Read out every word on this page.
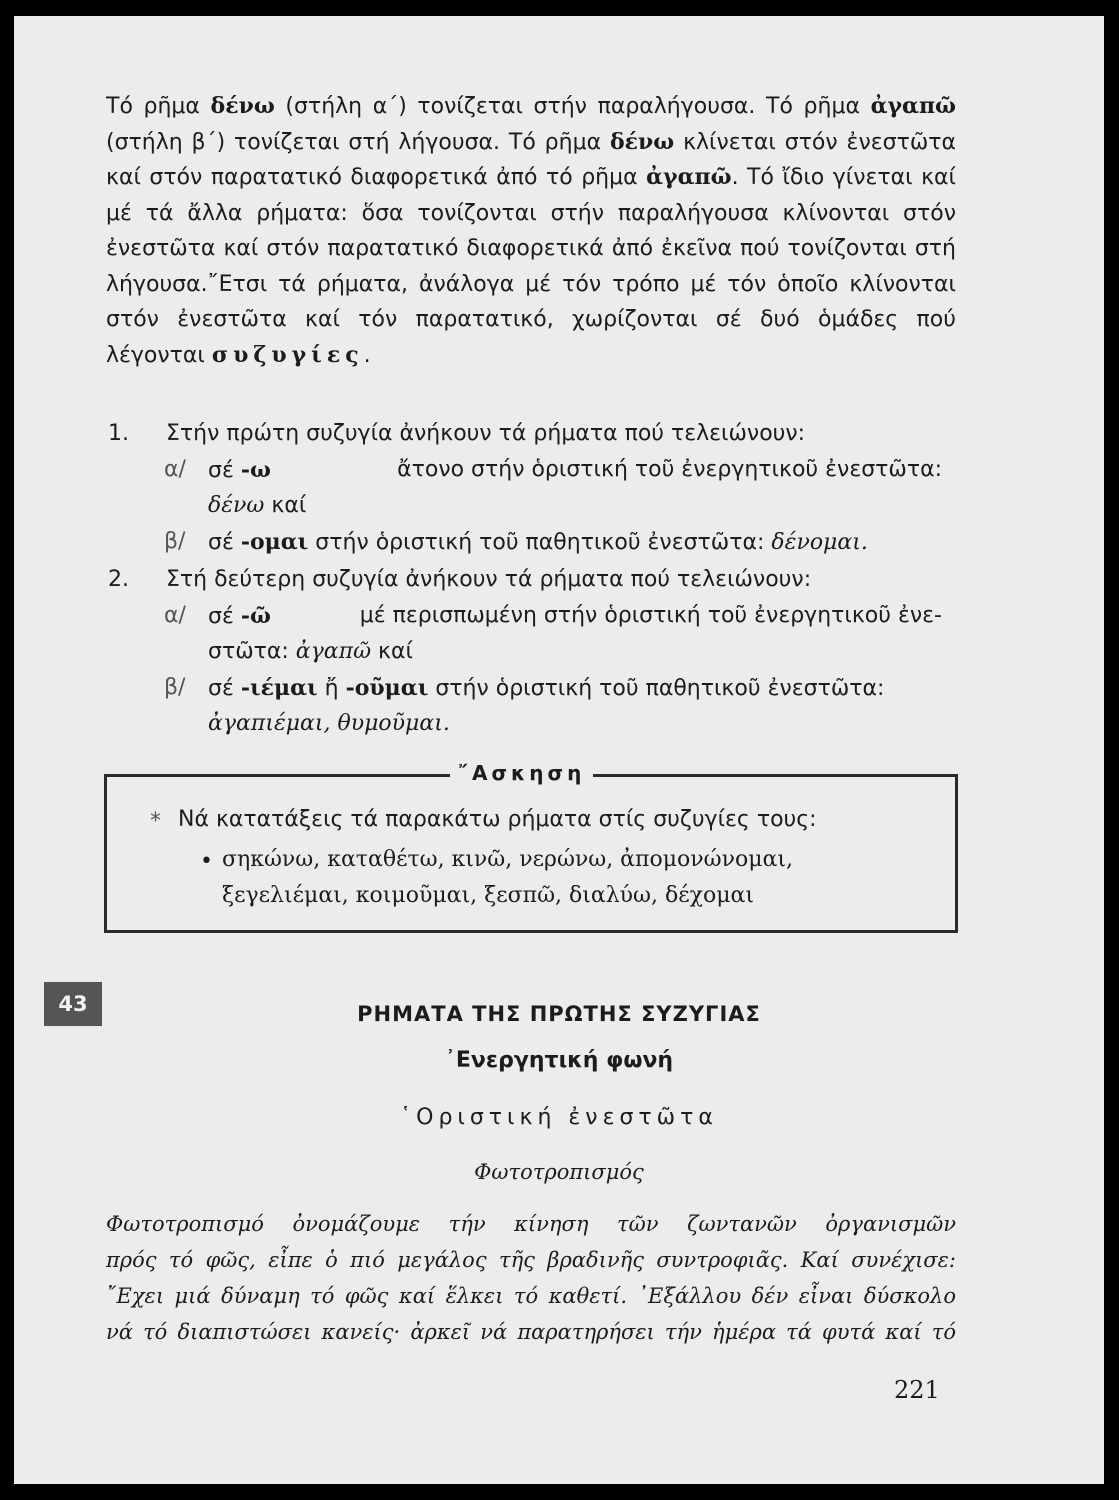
Τό ρῆμα δένω (στήλη α΄) τονίζεται στήν παραλήγουσα. Τό ρῆμα ἀγαπῶ (στήλη β΄) τονίζεται στή λήγουσα. Τό ρῆμα δένω κλίνεται στόν ἐνεστῶτα καί στόν παρατατικό διαφορετικά ἀπό τό ρῆμα ἀγαπῶ. Τό ἴδιο γίνεται καί μέ τά ἄλλα ρήματα: ὅσα τονίζονται στήν παραλήγουσα κλίνονται στόν ἐνεστῶτα καί στόν παρατατικό διαφορετικά ἀπό ἐκεῖνα πού τονίζονται στή λήγουσα.῎Ετσι τά ρήματα, ἀνάλογα μέ τόν τρόπο μέ τόν ὁποῖο κλίνονται στόν ἐνεστῶτα καί τόν παρατατικό, χωρίζονται σέ δυό ὁμάδες πού λέγονται συζυγίες.

1. Στήν πρώτη συζυγία ἀνήκουν τά ρήματα πού τελειώνουν:
α/ σέ -ω	ἄτονο στήν ὁριστική τοῦ ἐνεργητικοῦ ἐνεστῶτα:
δένω καί
β/ σέ -ομαι στήν ὁριστική τοῦ παθητικοῦ ἐνεστῶτα: δένομαι.
2. Στή δεύτερη συζυγία ἀνήκουν τά ρήματα πού τελειώνουν:
α/ σέ -ῶ	μέ περισπωμένη στήν ὁριστική τοῦ ἐνεργητικοῦ ἐνε-
στῶτα: ἀγαπῶ καί
β/ σέ -ιέμαι ἤ -οῦμαι στήν ὁριστική τοῦ παθητικοῦ ἐνεστῶτα:
ἀγαπιέμαι, θυμοῦμαι.
῎Ασκηση
* Νά κατατάξεις τά παρακάτω ρήματα στίς συζυγίες τους:
• σηκώνω, καταθέτω, κινῶ, νερώνω, ἀπομονώνομαι,
ξεγελιέμαι, κοιμοῦμαι, ξεσπῶ, διαλύω, δέχομαι
43	ΡΗΜΑΤΑ ΤΗΣ ΠΡΩΤΗΣ ΣΥΖΥΓΙΑΣ
᾿Ενεργητική φωνή
῾Οριστική ἐνεστῶτα
Φωτοτροπισμός
Φωτοτροπισμό ὀνομάζουμε τήν κίνηση τῶν ζωντανῶν ὀργανισμῶν
πρός τό φῶς, εἶπε ὁ πιό μεγάλος τῆς βραδινῆς συντροφιᾶς. Καί συνέχισε:
῎Εχει μιά δύναμη τό φῶς καί ἕλκει τό καθετί. ᾿Εξάλλου δέν εἶναι δύσκολο
νά τό διαπιστώσει κανείς· ἀρκεῖ νά παρατηρήσει τήν ἡμέρα τά φυτά καί τό
221
